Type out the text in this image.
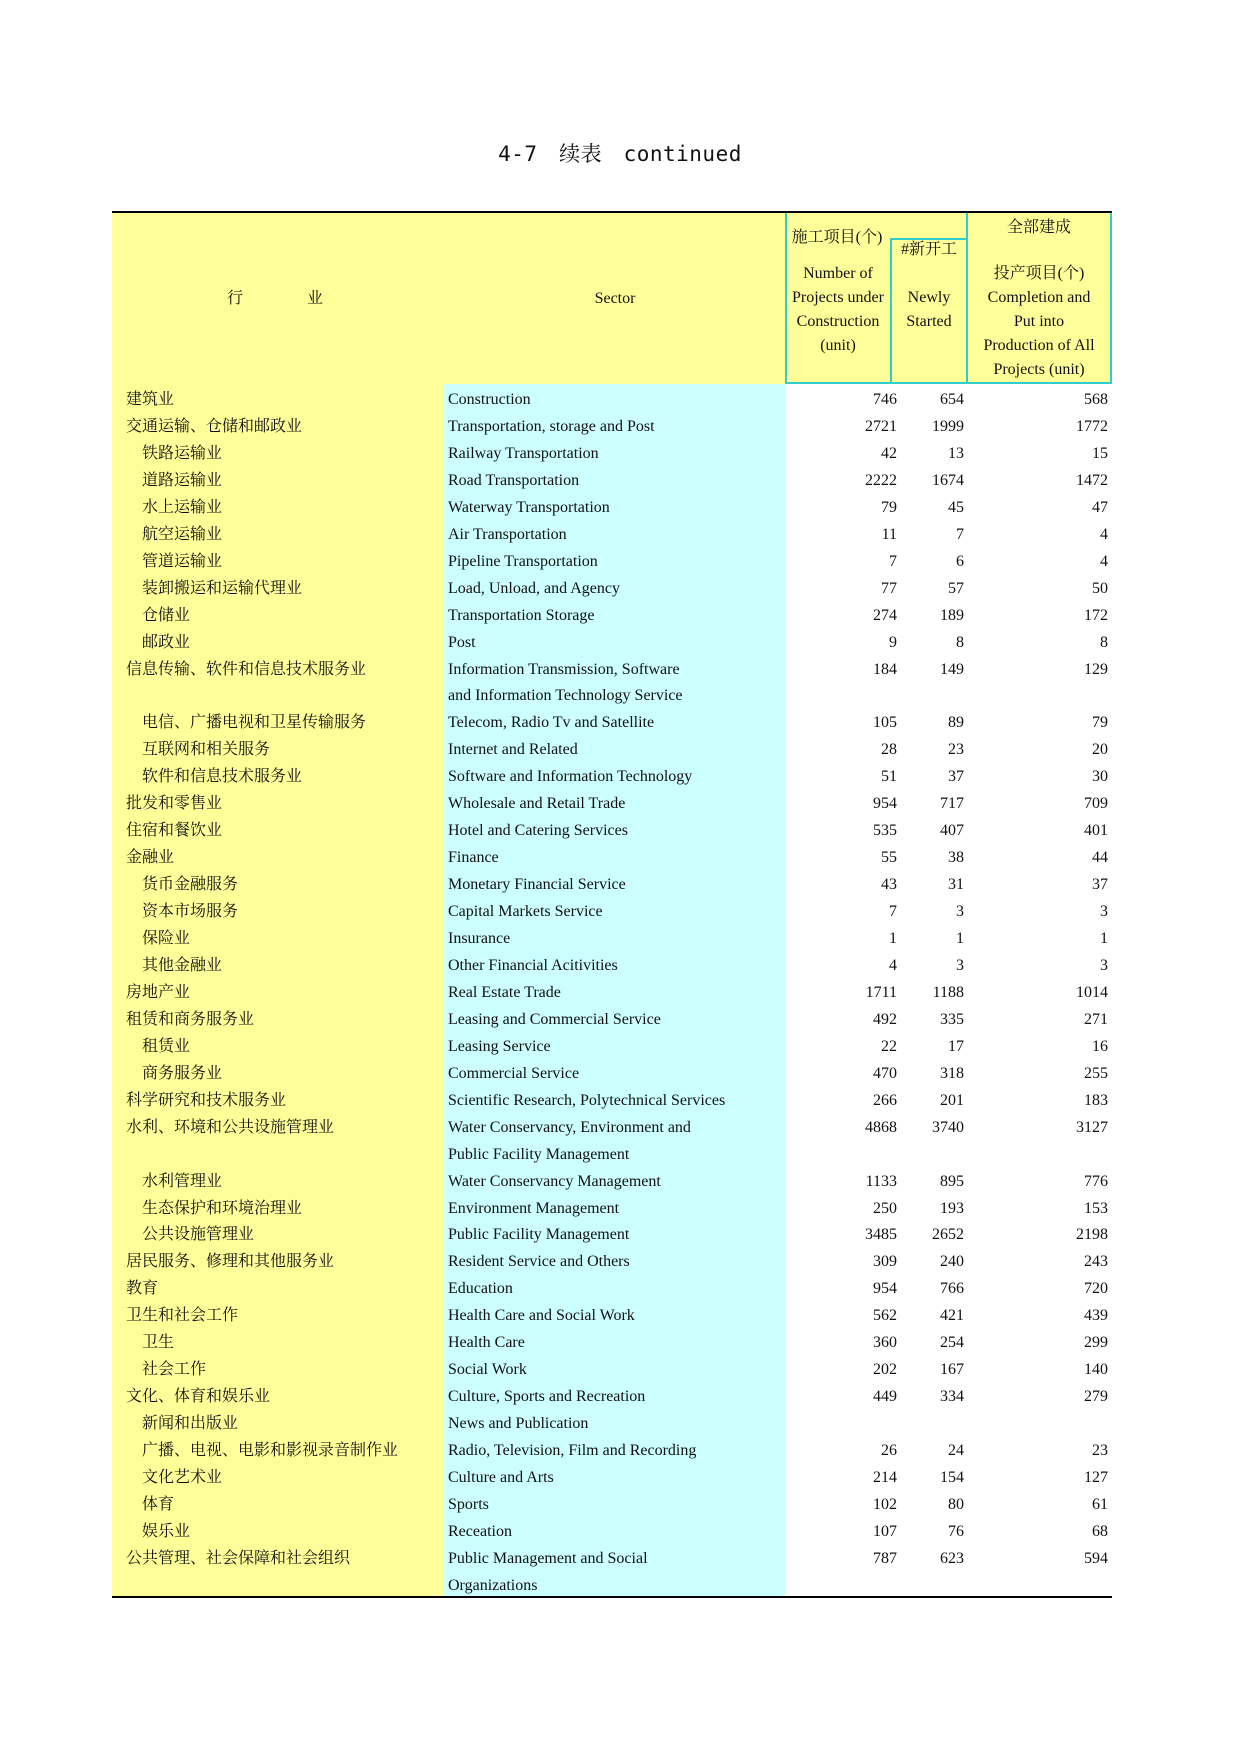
4-7　续表　continued
行　　　　业	Sector
施工项目(个)
Number of
Projects under
Construction
(unit)
#新开工
Newly
Started
全部建成
投产项目(个)
Completion and
Put into
Production of All
Projects (unit)
建筑业	Construction	746	654	568
交通运输、仓储和邮政业	Transportation, storage and Post	2721 1999	1772
铁路运输业	Railway Transportation	42	13	15
道路运输业	Road Transportation	2222 1674	1472
水上运输业	Waterway Transportation	79	45	47
航空运输业	Air Transportation	11	7	4
管道运输业	Pipeline Transportation	7	6	4
装卸搬运和运输代理业	Load, Unload, and Agency	77	57	50
仓储业	Transportation Storage	274	189	172
邮政业	Post	9	8	8
信息传输、软件和信息技术服务业	Information Transmission, Software	184	149	129
and Information Technology Service
电信、广播电视和卫星传输服务	Telecom, Radio Tv and Satellite	105	89	79
互联网和相关服务	Internet and Related	28	23	20
软件和信息技术服务业	Software and Information Technology	51	37	30
批发和零售业	Wholesale and Retail Trade	954	717	709
住宿和餐饮业	Hotel and Catering Services	535	407	401
金融业	Finance	55	38	44
货币金融服务	Monetary Financial Service	43	31	37
资本市场服务	Capital Markets Service	7	3	3
保险业	Insurance	1	1	1
其他金融业	Other Financial Acitivities	4	3	3
房地产业	Real Estate Trade	1711 1188	1014
租赁和商务服务业	Leasing and Commercial Service	492	335	271
租赁业	Leasing Service	22	17	16
商务服务业	Commercial Service	470	318	255
科学研究和技术服务业	Scientific Research, Polytechnical Services	266	201	183
水利、环境和公共设施管理业	Water Conservancy, Environment and	4868 3740	3127
Public Facility Management
水利管理业	Water Conservancy Management	1133	895	776
生态保护和环境治理业	Environment Management	250	193	153
公共设施管理业	Public Facility Management	3485 2652	2198
居民服务、修理和其他服务业	Resident Service and Others	309	240	243
教育	Education	954	766	720
卫生和社会工作	Health Care and Social Work	562	421	439
卫生	Health Care	360	254	299
社会工作	Social Work	202	167	140
文化、体育和娱乐业	Culture, Sports and Recreation	449	334	279
新闻和出版业	News and Publication
广播、电视、电影和影视录音制作业	Radio, Television, Film and Recording	26	24	23
文化艺术业	Culture and Arts	214	154	127
体育	Sports	102	80	61
娱乐业	Receation	107	76	68
公共管理、社会保障和社会组织	Public Management and Social	787	623	594
Organizations
